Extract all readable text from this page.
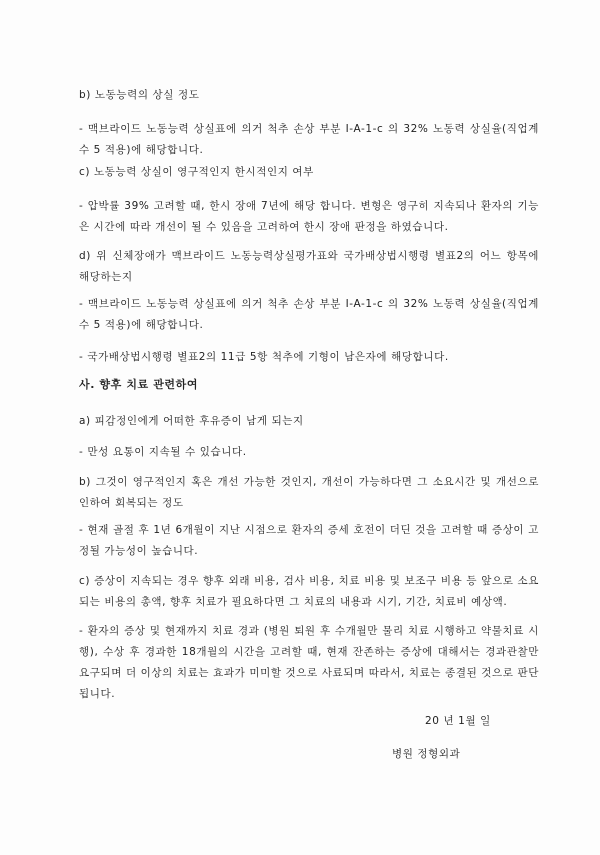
b) 노동능력의 상실 정도
- 맥브라이드 노동능력 상실표에 의거 척추 손상 부분 I-A-1-c 의 32% 노동력 상실율(직업계수 5 적용)에 해당합니다.
c) 노동능력 상실이 영구적인지 한시적인지 여부
- 압박률 39% 고려할 때, 한시 장애 7년에 해당 합니다. 변형은 영구히 지속되나 환자의 기능은 시간에 따라 개선이 될 수 있음을 고려하여 한시 장애 판정을 하였습니다.
d) 위 신체장애가 맥브라이드 노동능력상실평가표와 국가배상법시행령 별표2의 어느 항목에 해당하는지
- 맥브라이드 노동능력 상실표에 의거 척추 손상 부분 I-A-1-c 의 32% 노동력 상실율(직업계수 5 적용)에 해당합니다.
- 국가배상법시행령 별표2의 11급 5항 척추에 기형이 남은자에 해당합니다.
사. 향후 치료 관련하여
a) 피감정인에게 어떠한 후유증이 남게 되는지
- 만성 요통이 지속될 수 있습니다.
b) 그것이 영구적인지 혹은 개선 가능한 것인지, 개선이 가능하다면 그 소요시간 및 개선으로 인하여 회복되는 정도
- 현재 골절 후 1년 6개월이 지난 시점으로 환자의 증세 호전이 더딘 것을 고려할 때 증상이 고정될 가능성이 높습니다.
c) 증상이 지속되는 경우 향후 외래 비용, 검사 비용, 치료 비용 및 보조구 비용 등 앞으로 소요되는 비용의 총액, 향후 치료가 필요하다면 그 치료의 내용과 시기, 기간, 치료비 예상액.
- 환자의 증상 및 현재까지 치료 경과 (병원 퇴원 후 수개월만 물리 치료 시행하고 약물치료 시행), 수상 후 경과한 18개월의 시간을 고려할 때, 현재 잔존하는 증상에 대해서는 경과관찰만 요구되며 더 이상의 치료는 효과가 미미할 것으로 사료되며 따라서, 치료는 종결된 것으로 판단됩니다.
20 년 1월 일
병원 정형외과
